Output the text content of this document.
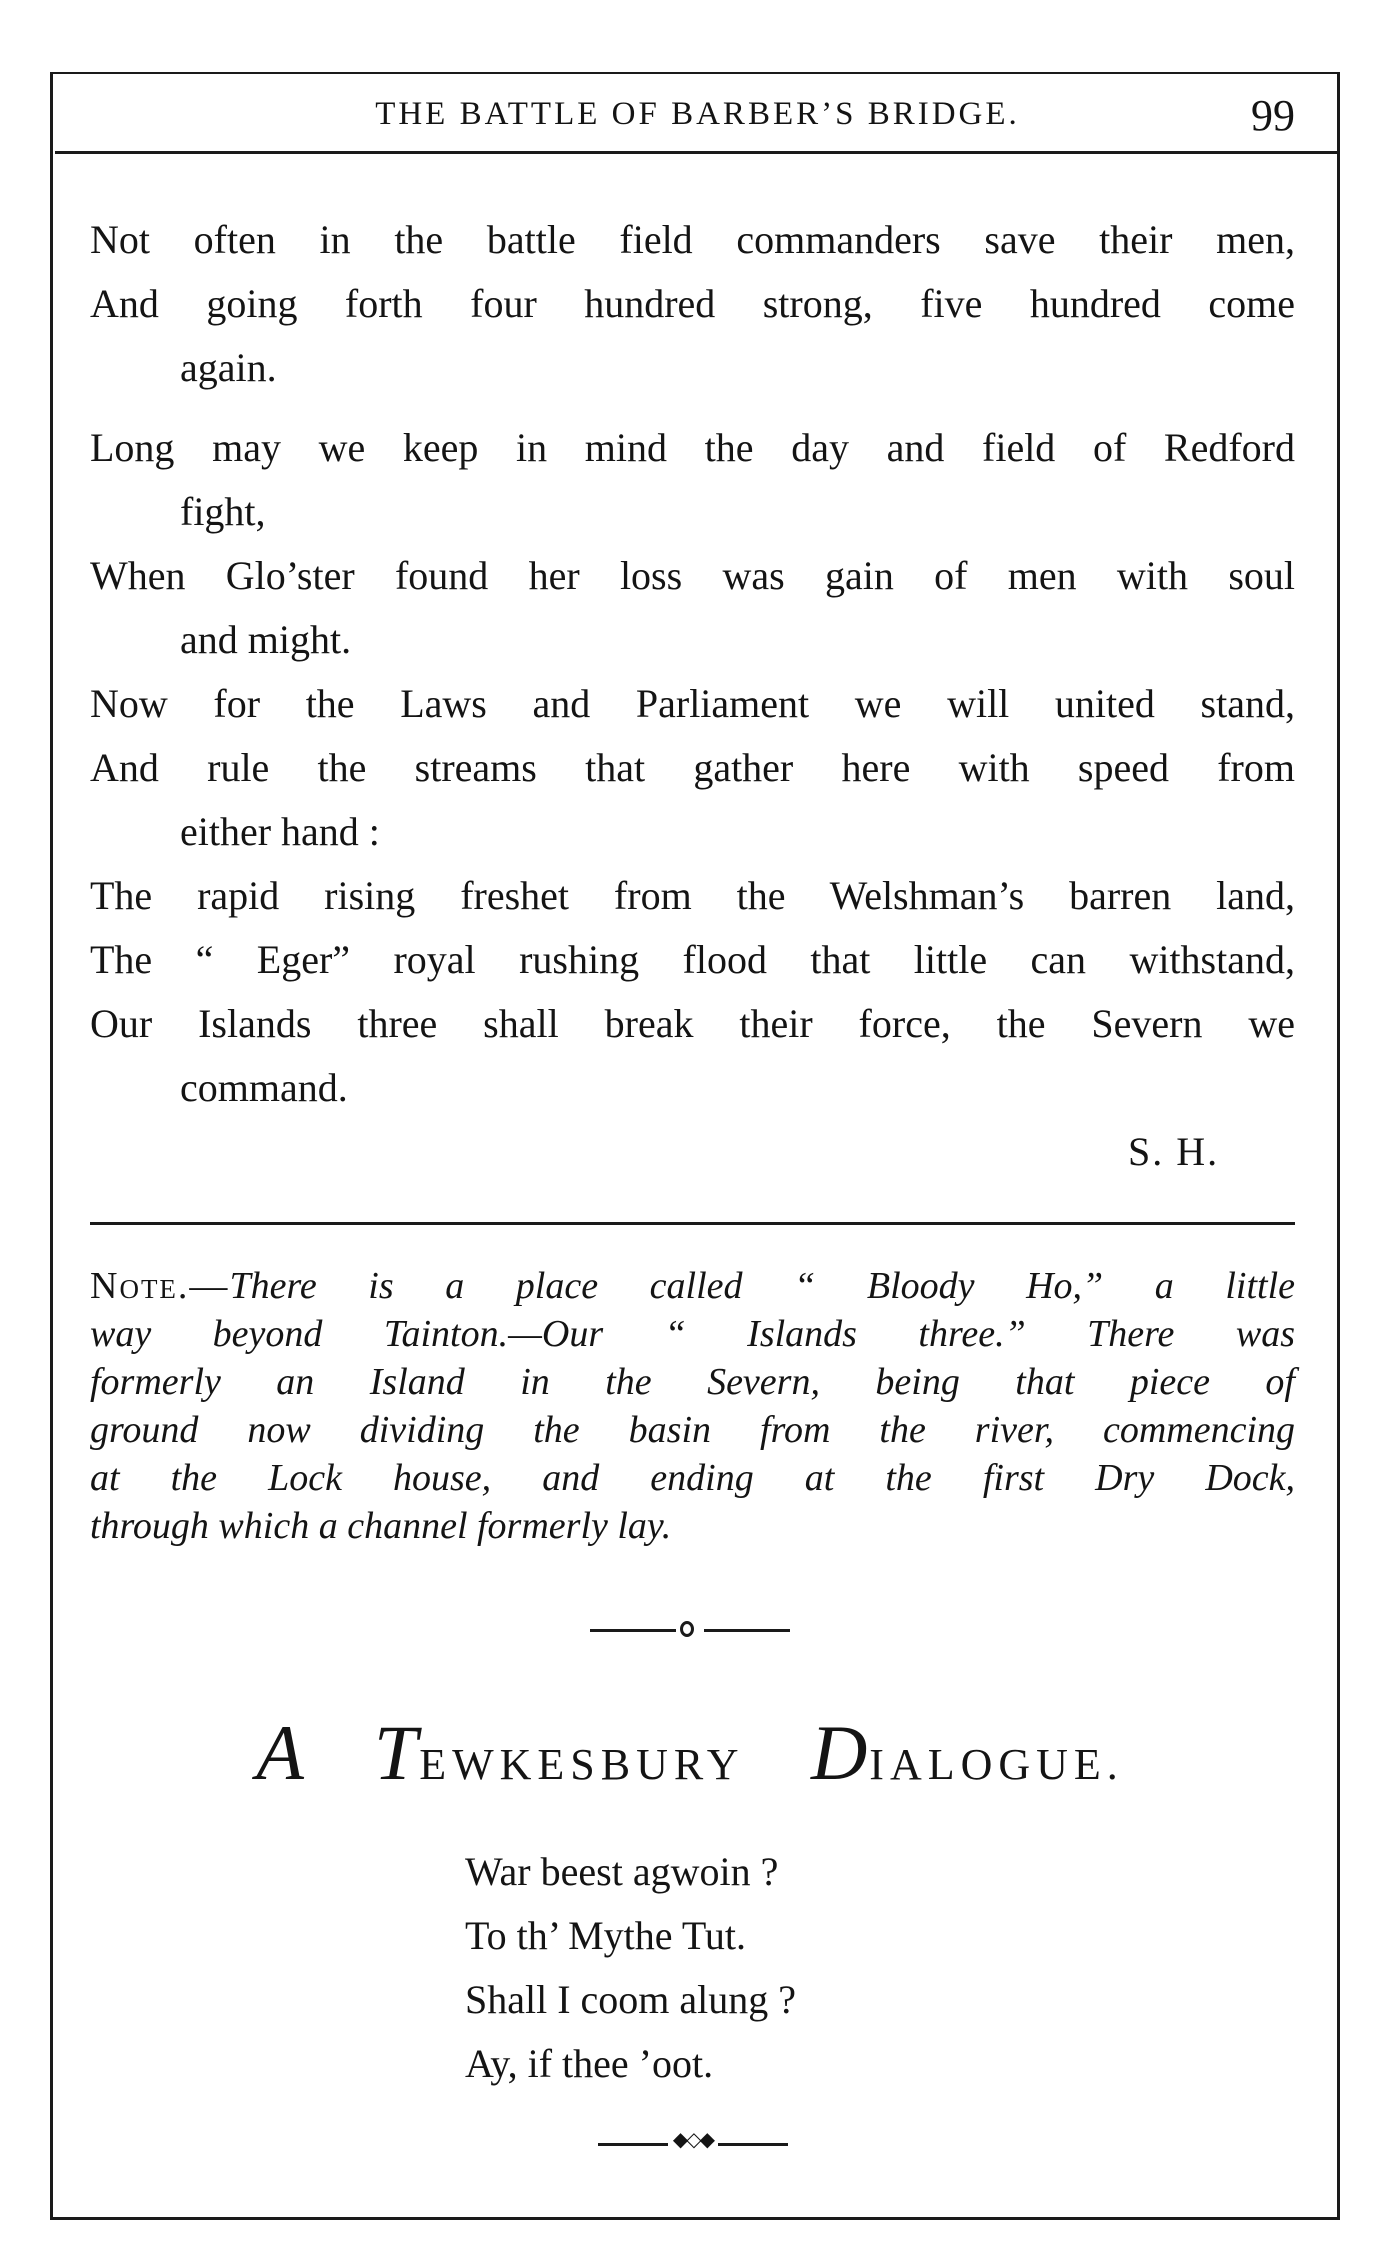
THE BATTLE OF BARBER’S BRIDGE.	99
Not often in the battle field commanders save their men,
And going forth four hundred strong, five hundred come
again.
Long may we keep in mind the day and field of Redford
fight,
When Glo’ster found her loss was gain of men with soul
and might.
Now for the Laws and Parliament we will united stand,
And rule the streams that gather here with speed from
either hand :
The rapid rising freshet from the Welshman’s barren land,
The “ Eger” royal rushing flood that little can withstand,
Our Islands three shall break their force, the Severn we
command.
S. H.
Note.—There is a place called “ Bloody Ho,” a little
way beyond Tainton.—Our “ Islands three.” There was
formerly an Island in the Severn, being that piece of
ground now dividing the basin from the river, commencing
at the Lock house, and ending at the first Dry Dock,
through which a channel formerly lay.
A TEWKESBURY DIALOGUE.
War beest agwoin ?
To th’ Mythe Tut.
Shall I coom alung ?
Ay, if thee ’oot.
◆◇◆
